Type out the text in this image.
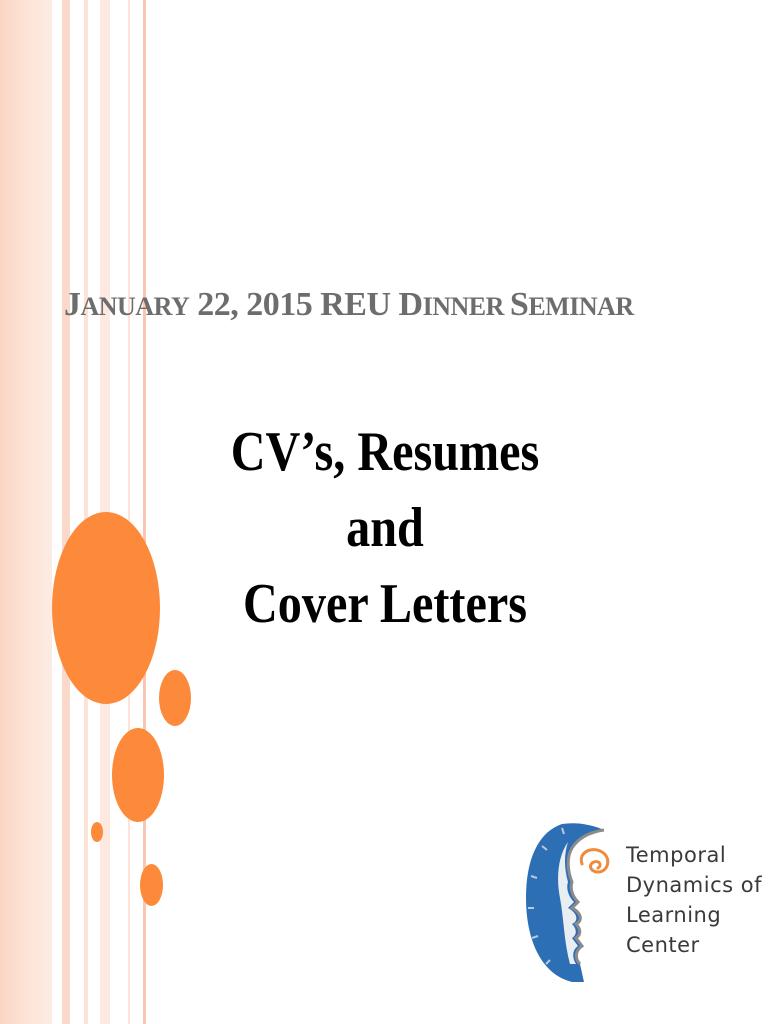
JANUARY 22, 2015 REU DINNER SEMINAR
CV’s, Resumes
and
Cover Letters
Temporal
Dynamics of
Learning
Center
